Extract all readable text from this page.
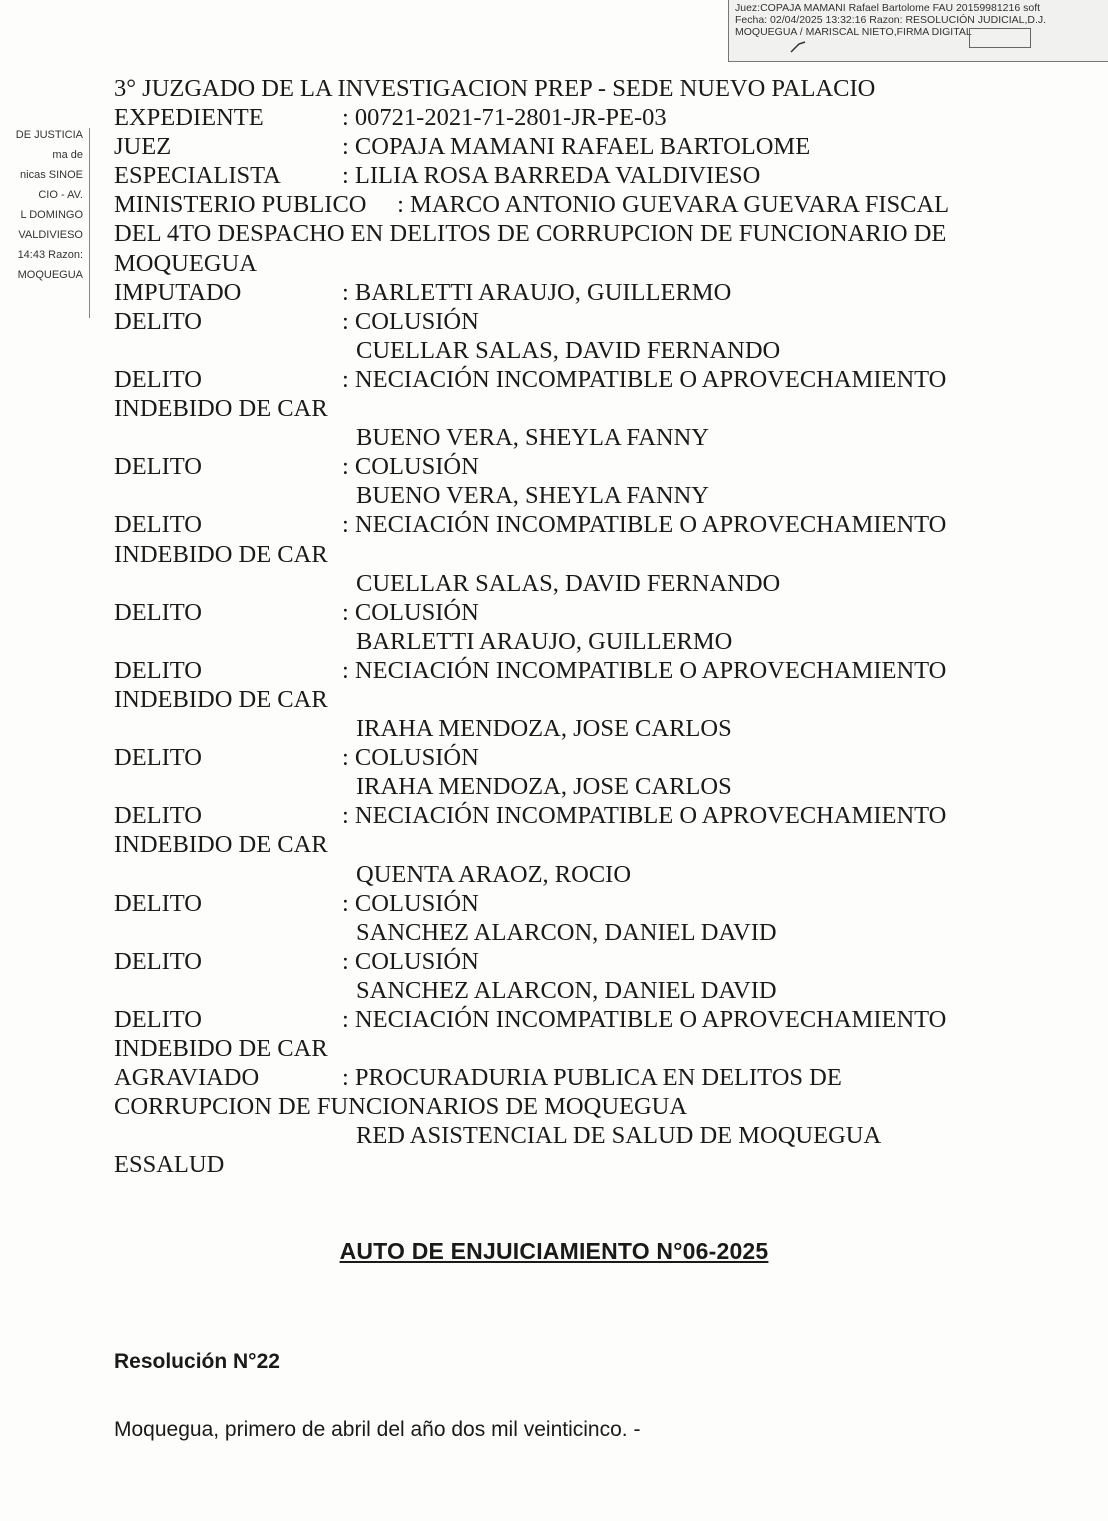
Juez:COPAJA MAMANI Rafael Bartolome FAU 20159981216 soft
Fecha: 02/04/2025 13:32:16 Razon: RESOLUCIÓN JUDICIAL,D.J.
MOQUEGUA / MARISCAL NIETO,FIRMA DIGITAL
DE JUSTICIA
ma de
nicas SINOE
CIO - AV.
L DOMINGO
VALDIVIESO
14:43 Razon:
MOQUEGUA
3° JUZGADO DE LA INVESTIGACION PREP - SEDE NUEVO PALACIO
EXPEDIENTE	: 00721-2021-71-2801-JR-PE-03
JUEZ	: COPAJA MAMANI RAFAEL BARTOLOME
ESPECIALISTA : LILIA ROSA BARREDA VALDIVIESO
MINISTERIO PUBLICO     : MARCO ANTONIO GUEVARA GUEVARA FISCAL
DEL 4TO DESPACHO EN DELITOS DE CORRUPCION DE FUNCIONARIO DE
MOQUEGUA
IMPUTADO	: BARLETTI ARAUJO, GUILLERMO
DELITO	: COLUSIÓN
CUELLAR SALAS, DAVID FERNANDO
DELITO	: NECIACIÓN INCOMPATIBLE O APROVECHAMIENTO
INDEBIDO DE CAR
BUENO VERA, SHEYLA FANNY
DELITO	: COLUSIÓN
BUENO VERA, SHEYLA FANNY
DELITO	: NECIACIÓN INCOMPATIBLE O APROVECHAMIENTO
INDEBIDO DE CAR
CUELLAR SALAS, DAVID FERNANDO
DELITO	: COLUSIÓN
BARLETTI ARAUJO, GUILLERMO
DELITO	: NECIACIÓN INCOMPATIBLE O APROVECHAMIENTO
INDEBIDO DE CAR
IRAHA MENDOZA, JOSE CARLOS
DELITO	: COLUSIÓN
IRAHA MENDOZA, JOSE CARLOS
DELITO	: NECIACIÓN INCOMPATIBLE O APROVECHAMIENTO
INDEBIDO DE CAR
QUENTA ARAOZ, ROCIO
DELITO	: COLUSIÓN
SANCHEZ ALARCON, DANIEL DAVID
DELITO	: COLUSIÓN
SANCHEZ ALARCON, DANIEL DAVID
DELITO	: NECIACIÓN INCOMPATIBLE O APROVECHAMIENTO
INDEBIDO DE CAR
AGRAVIADO	: PROCURADURIA PUBLICA EN DELITOS DE
CORRUPCION DE FUNCIONARIOS DE MOQUEGUA
RED ASISTENCIAL DE SALUD DE MOQUEGUA
ESSALUD
AUTO DE ENJUICIAMIENTO N°06-2025
Resolución N°22
Moquegua, primero de abril del año dos mil veinticinco. -
